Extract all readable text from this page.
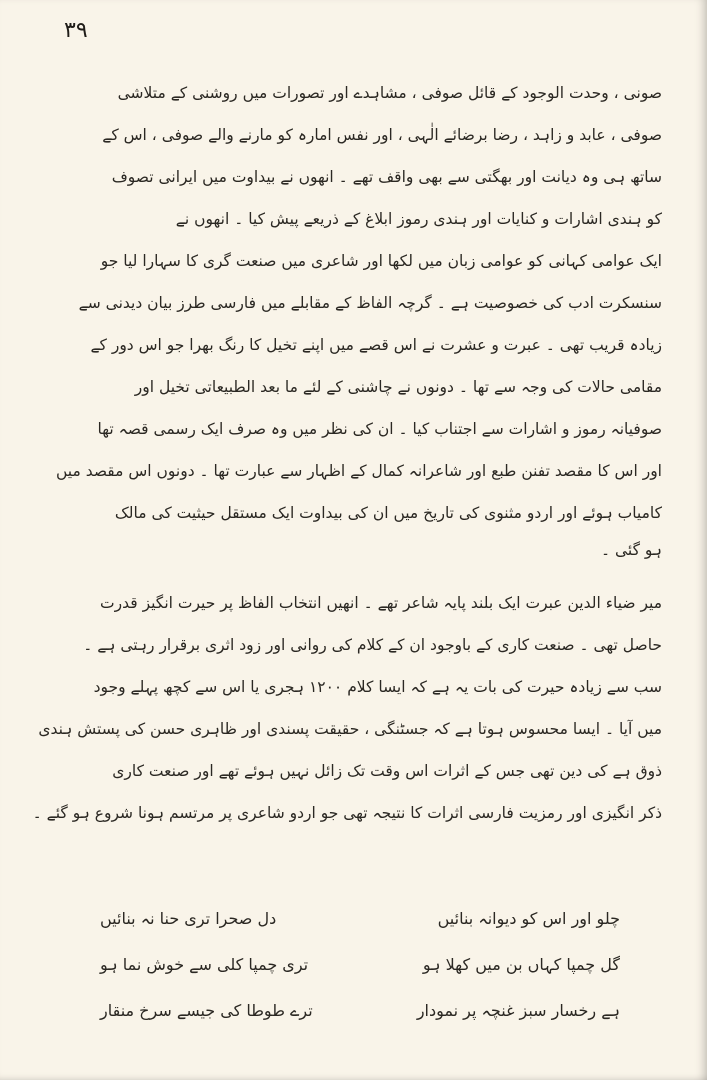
۳۹
صونی ، وحدت الوجود کے قائل صوفی ، مشاہدے اور تصورات میں روشنی کے متلاشی
صوفی ، عابد و زاہد ، رضا برضائے الٰہی ، اور نفس امارہ کو مارنے والے صوفی ، اس کے
ساتھ ہی وہ دیانت اور بھگتی سے بھی واقف تھے ۔ انھوں نے بیداوت میں ایرانی تصوف
کو ہندی اشارات و کنایات اور ہندی رموز ابلاغ کے ذریعے پیش کیا ۔ انھوں نے
ایک عوامی کہانی کو عوامی زبان میں لکھا اور شاعری میں صنعت گری کا سہارا لیا جو
سنسکرت ادب کی خصوصیت ہے ۔ گرچہ الفاظ کے مقابلے میں فارسی طرز بیان دیدنی سے
زیادہ قریب تھی ۔ عبرت و عشرت نے اس قصے میں اپنے تخیل کا رنگ بھرا جو اس دور کے
مقامی حالات کی وجہ سے تھا ۔ دونوں نے چاشنی کے لئے ما بعد الطبیعاتی تخیل اور
صوفیانہ رموز و اشارات سے اجتناب کیا ۔ ان کی نظر میں وہ صرف ایک رسمی قصہ تھا
اور اس کا مقصد تفنن طبع اور شاعرانہ کمال کے اظہار سے عبارت تھا ۔ دونوں اس مقصد میں
کامیاب ہوئے اور اردو مثنوی کی تاریخ میں ان کی بیداوت ایک مستقل حیثیت کی مالک
ہو گئی ۔
میر ضیاء الدین عبرت ایک بلند پایہ شاعر تھے ۔ انھیں انتخاب الفاظ پر حیرت انگیز قدرت
حاصل تھی ۔ صنعت کاری کے باوجود ان کے کلام کی روانی اور زود اثری برقرار رہتی ہے ۔
سب سے زیادہ حیرت کی بات یہ ہے کہ ایسا کلام ۱۲۰۰ ہجری یا اس سے کچھ پہلے وجود
میں آیا ۔ ایسا محسوس ہوتا ہے کہ جسٹنگی ، حقیقت پسندی اور ظاہری حسن کی پستش ہندی
ذوق ہے کی دین تھی جس کے اثرات اس وقت تک زائل نہیں ہوئے تھے اور صنعت کاری
ذکر انگیزی اور رمزیت فارسی اثرات کا نتیجہ تھی جو اردو شاعری پر مرتسم ہونا شروع ہو گئے ۔
چلو اور اس کو دیوانہ بنائیں
دل صحرا تری حنا نہ بنائیں
گل چمپا کہاں بن میں کھلا ہو
تری چمپا کلی سے خوش نما ہو
ہے رخسار سبز غنچہ پر نمودار
ترے طوطا کی جیسے سرخ منقار
